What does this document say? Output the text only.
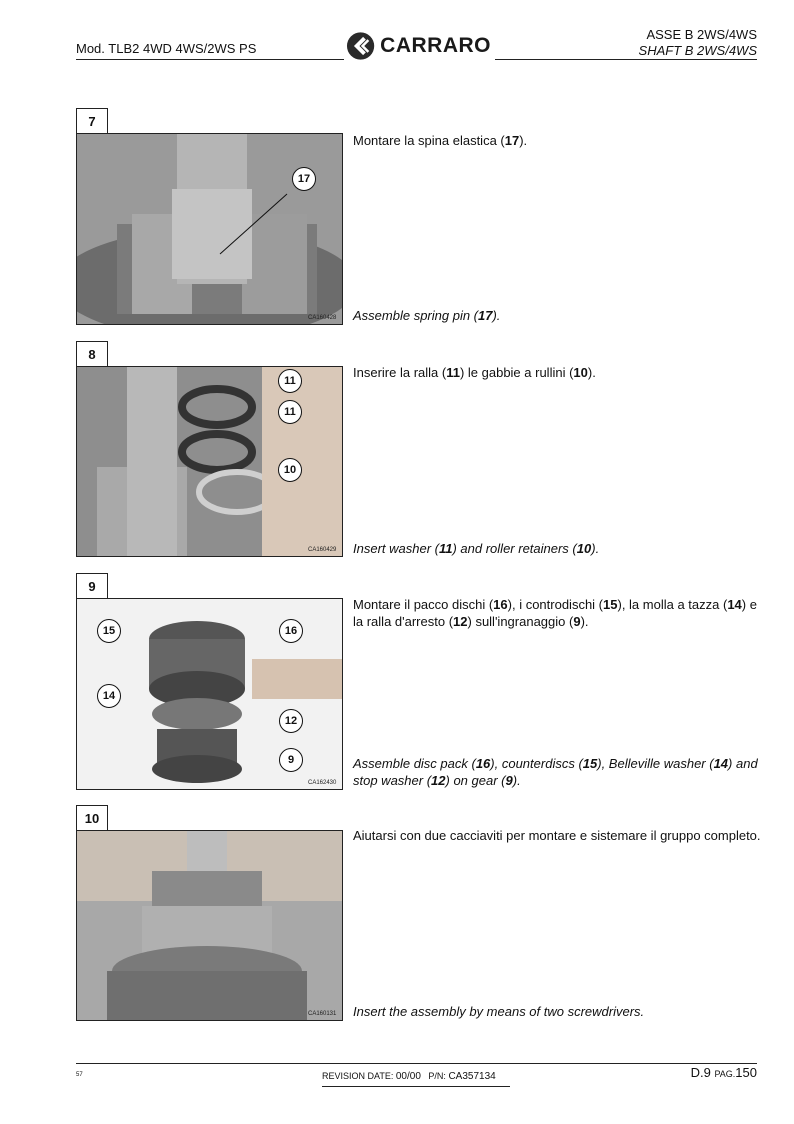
Mod. TLB2 4WD 4WS/2WS PS	CARRARO	ASSE B 2WS/4WS
SHAFT B 2WS/4WS
7
17
CA160428
Montare la spina elastica (17).
Assemble spring pin (17).
8
11
11
10
CA160429
Inserire la ralla (11) le gabbie a rullini (10).
Insert washer (11) and roller retainers (10).
9
15	16
14
12
9
CA162430
Montare il pacco dischi (16), i controdischi (15), la molla a tazza (14) e la ralla d'arresto (12) sull'ingranaggio (9).
Assemble disc pack (16), counterdiscs (15), Belleville washer (14) and stop washer (12) on gear (9).
10
CA160131
Aiutarsi con due cacciaviti per montare e sistemare il gruppo completo.
Insert the assembly by means of two screwdrivers.
57	REVISION DATE: 00/00 P/N: CA357134	D.9 PAG.150
